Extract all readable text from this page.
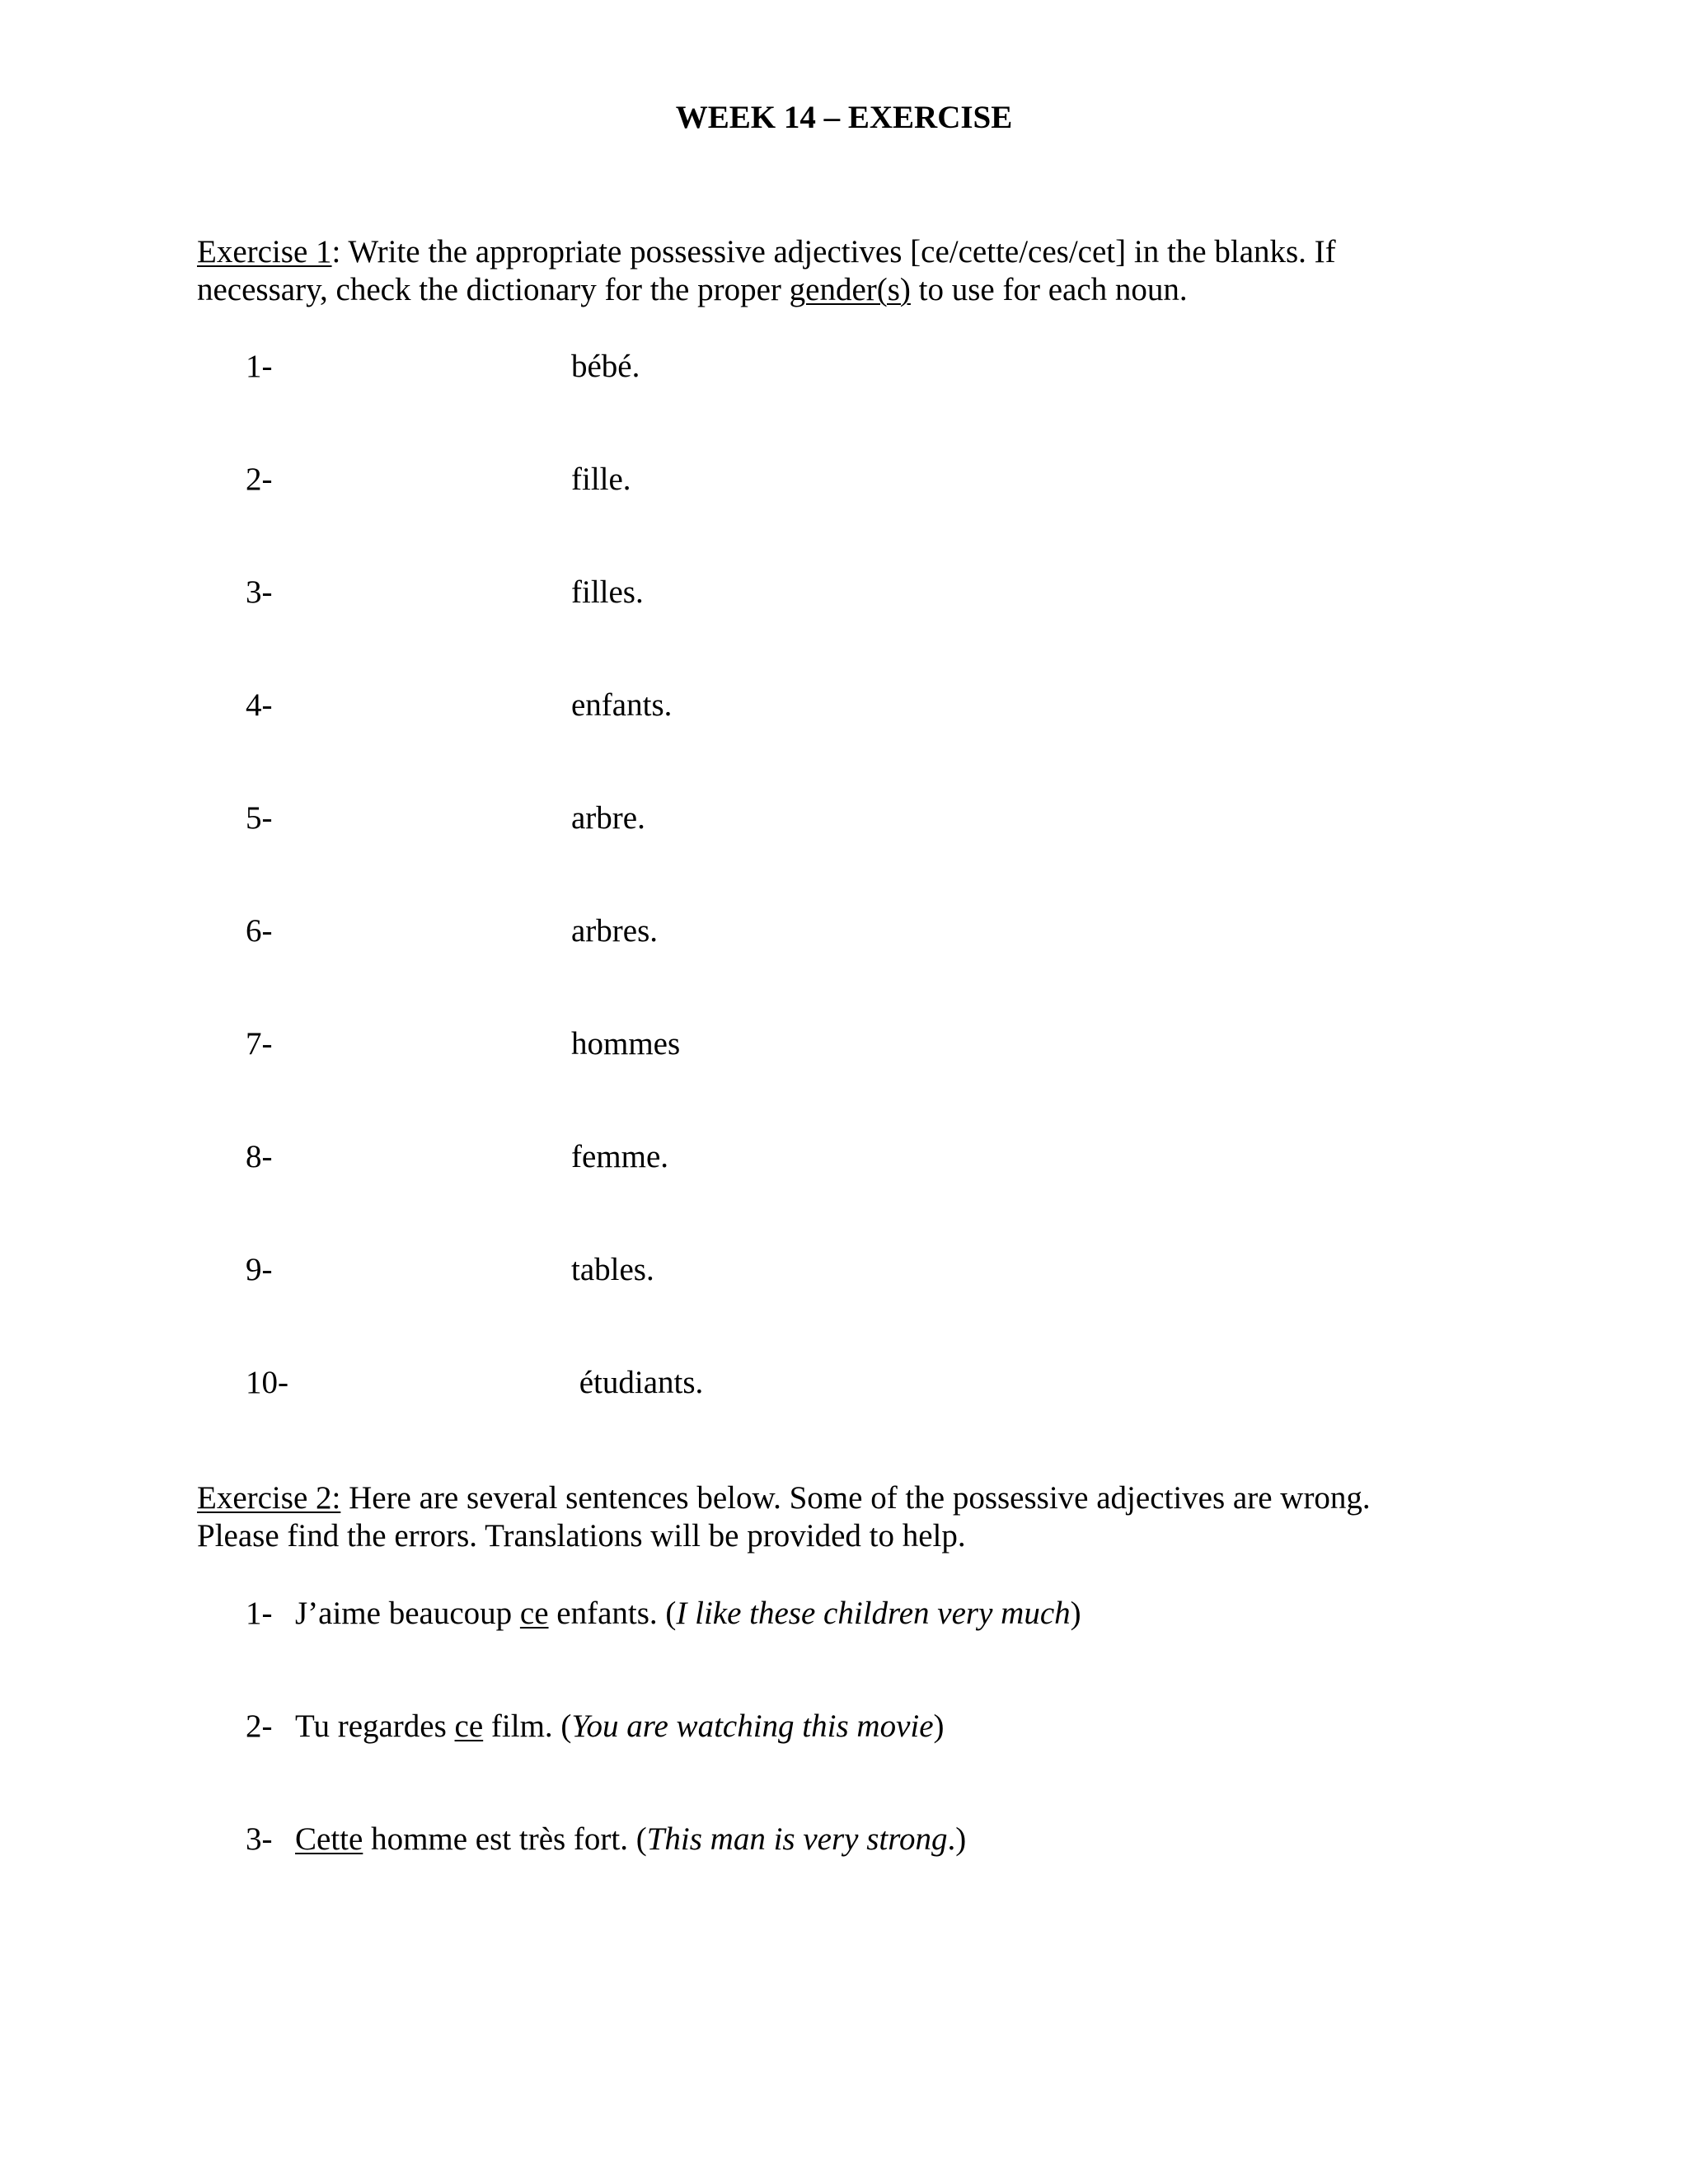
WEEK 14 – EXERCISE
Exercise 1: Write the appropriate possessive adjectives [ce/cette/ces/cet] in the blanks. If
necessary, check the dictionary for the proper gender(s) to use for each noun.
1-	bébé.
2-	fille.
3-	filles.
4-	enfants.
5-	arbre.
6-	arbres.
7-	hommes
8-	femme.
9-	tables.
10-	étudiants.
Exercise 2: Here are several sentences below. Some of the possessive adjectives are wrong.
Please find the errors. Translations will be provided to help.
1- J’aime beaucoup ce enfants. (I like these children very much)
2- Tu regardes ce film. (You are watching this movie)
3- Cette homme est très fort. (This man is very strong.)
